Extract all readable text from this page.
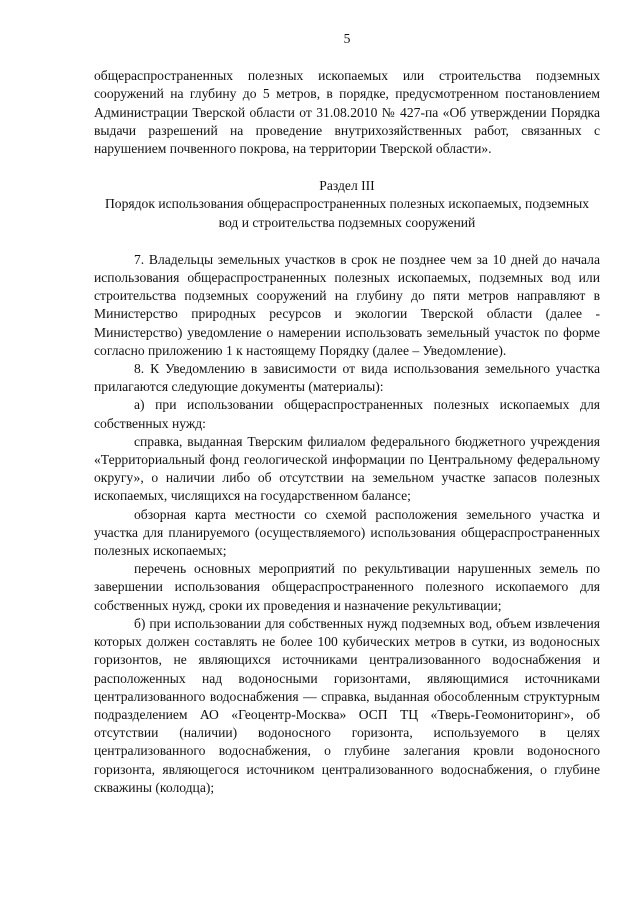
5

общераспространенных полезных ископаемых или строительства подземных сооружений на глубину до 5 метров, в порядке, предусмотренном постановлением Администрации Тверской области от 31.08.2010 № 427-па «Об утверждении Порядка выдачи разрешений на проведение внутрихозяйственных работ, связанных с нарушением почвенного покрова, на территории Тверской области».

Раздел III
Порядок использования общераспространенных полезных ископаемых, подземных вод и строительства подземных сооружений

7. Владельцы земельных участков в срок не позднее чем за 10 дней до начала использования общераспространенных полезных ископаемых, подземных вод или строительства подземных сооружений на глубину до пяти метров направляют в Министерство природных ресурсов и экологии Тверской области (далее - Министерство) уведомление о намерении использовать земельный участок по форме согласно приложению 1 к настоящему Порядку (далее – Уведомление).

8. К Уведомлению в зависимости от вида использования земельного участка прилагаются следующие документы (материалы):

а) при использовании общераспространенных полезных ископаемых для собственных нужд:

справка, выданная Тверским филиалом федерального бюджетного учреждения «Территориальный фонд геологической информации по Центральному федеральному округу», о наличии либо об отсутствии на земельном участке запасов полезных ископаемых, числящихся на государственном балансе;

обзорная карта местности со схемой расположения земельного участка и участка для планируемого (осуществляемого) использования общераспространенных полезных ископаемых;

перечень основных мероприятий по рекультивации нарушенных земель по завершении использования общераспространенного полезного ископаемого для собственных нужд, сроки их проведения и назначение рекультивации;

б) при использовании для собственных нужд подземных вод, объем извлечения которых должен составлять не более 100 кубических метров в сутки, из водоносных горизонтов, не являющихся источниками централизованного водоснабжения и расположенных над водоносными горизонтами, являющимися источниками централизованного водоснабжения — справка, выданная обособленным структурным подразделением АО «Геоцентр-Москва» ОСП ТЦ «Тверь-Геомониторинг», об отсутствии (наличии) водоносного горизонта, используемого в целях централизованного водоснабжения, о глубине залегания кровли водоносного горизонта, являющегося источником централизованного водоснабжения, о глубине скважины (колодца);
